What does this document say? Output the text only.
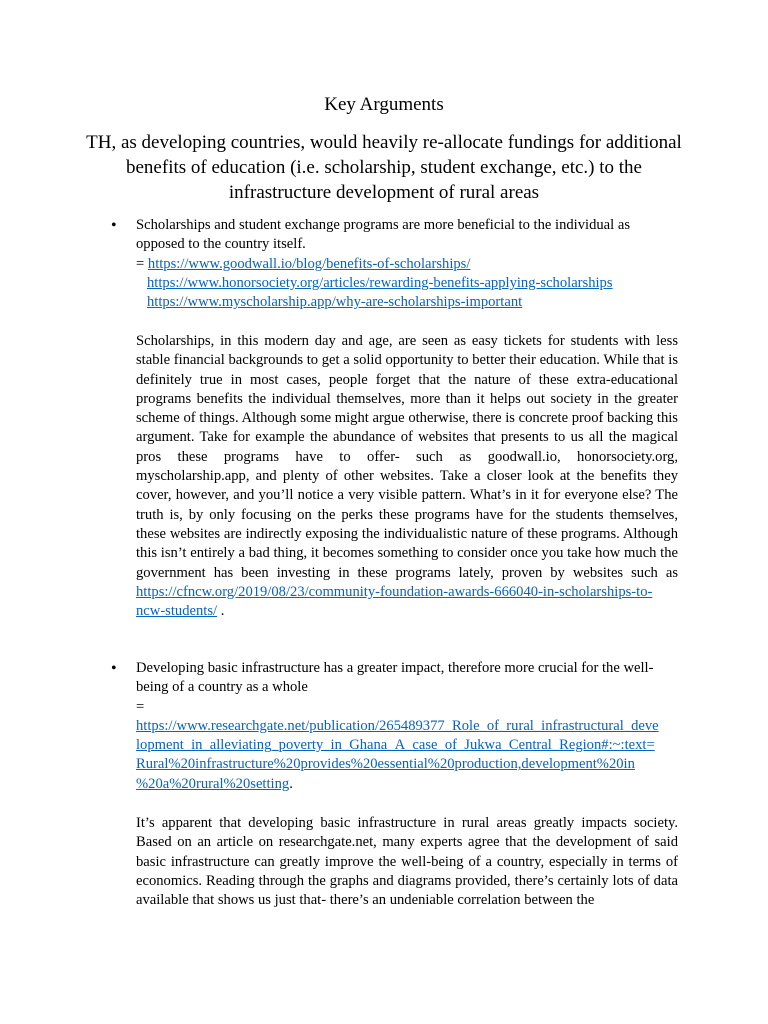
Key Arguments
TH, as developing countries, would heavily re-allocate fundings for additional benefits of education (i.e. scholarship, student exchange, etc.) to the infrastructure development of rural areas
• Scholarships and student exchange programs are more beneficial to the individual as
opposed to the country itself.
= https://www.goodwall.io/blog/benefits-of-scholarships/
https://www.honorsociety.org/articles/rewarding-benefits-applying-scholarships
https://www.myscholarship.app/why-are-scholarships-important
Scholarships, in this modern day and age, are seen as easy tickets for students with less stable financial backgrounds to get a solid opportunity to better their education. While that is definitely true in most cases, people forget that the nature of these extra-educational programs benefits the individual themselves, more than it helps out society in the greater scheme of things. Although some might argue otherwise, there is concrete proof backing this argument. Take for example the abundance of websites that presents to us all the magical pros these programs have to offer- such as goodwall.io, honorsociety.org, myscholarship.app, and plenty of other websites. Take a closer look at the benefits they cover, however, and you’ll notice a very visible pattern. What’s in it for everyone else? The truth is, by only focusing on the perks these programs have for the students themselves, these websites are indirectly exposing the individualistic nature of these programs. Although this isn’t entirely a bad thing, it becomes something to consider once you take how much the government has been investing in these programs lately, proven by websites such as https://cfncw.org/2019/08/23/community-foundation-awards-666040-in-scholarships-to-ncw-students/ .
• Developing basic infrastructure has a greater impact, therefore more crucial for the well-
being of a country as a whole
=
https://www.researchgate.net/publication/265489377_Role_of_rural_infrastructural_deve
lopment_in_alleviating_poverty_in_Ghana_A_case_of_Jukwa_Central_Region#:~:text=
Rural%20infrastructure%20provides%20essential%20production,development%20in
%20a%20rural%20setting.
It’s apparent that developing basic infrastructure in rural areas greatly impacts society. Based on an article on researchgate.net, many experts agree that the development of said basic infrastructure can greatly improve the well-being of a country, especially in terms of economics. Reading through the graphs and diagrams provided, there’s certainly lots of data available that shows us just that- there’s an undeniable correlation between the
